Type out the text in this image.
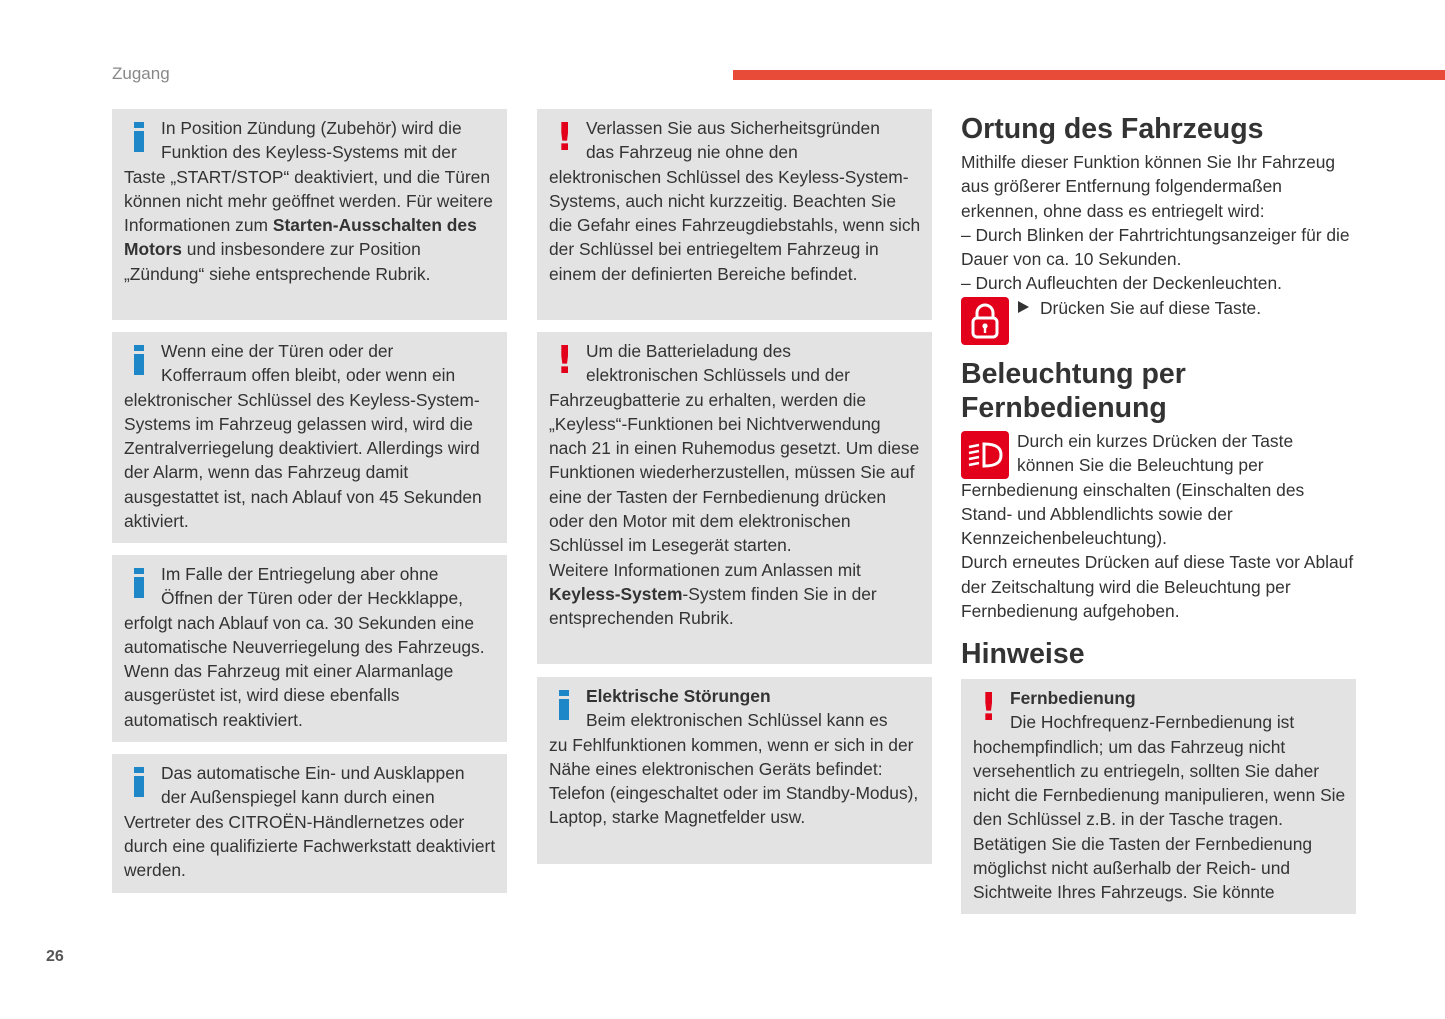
Zugang
In Position Zündung (Zubehör) wird die
Funktion des Keyless-Systems mit der

Taste „START/STOP“ deaktiviert, und die Türen können nicht mehr geöffnet werden. Für weitere Informationen zum Starten-Ausschalten des Motors und insbesondere zur Position „Zündung“ siehe entsprechende Rubrik.

Wenn eine der Türen oder der
Kofferraum offen bleibt, oder wenn ein

elektronischer Schlüssel des Keyless-System-Systems im Fahrzeug gelassen wird, wird die Zentralverriegelung deaktiviert. Allerdings wird der Alarm, wenn das Fahrzeug damit ausgestattet ist, nach Ablauf von 45 Sekunden aktiviert.

Im Falle der Entriegelung aber ohne
Öffnen der Türen oder der Heckklappe,

erfolgt nach Ablauf von ca. 30 Sekunden eine automatische Neuverriegelung des Fahrzeugs. Wenn das Fahrzeug mit einer Alarmanlage ausgerüstet ist, wird diese ebenfalls automatisch reaktiviert.

Das automatische Ein- und Ausklappen
der Außenspiegel kann durch einen

Vertreter des CITROËN-Händlernetzes oder durch eine qualifizierte Fachwerkstatt deaktiviert werden.

! Verlassen Sie aus Sicherheitsgründen
das Fahrzeug nie ohne den

elektronischen Schlüssel des Keyless-System-Systems, auch nicht kurzzeitig. Beachten Sie die Gefahr eines Fahrzeugdiebstahls, wenn sich der Schlüssel bei entriegeltem Fahrzeug in einem der definierten Bereiche befindet.

! Um die Batterieladung des
elektronischen Schlüssels und der

Fahrzeugbatterie zu erhalten, werden die „Keyless“-Funktionen bei Nichtverwendung nach 21 in einen Ruhemodus gesetzt. Um diese Funktionen wiederherzustellen, müssen Sie auf eine der Tasten der Fernbedienung drücken oder den Motor mit dem elektronischen Schlüssel im Lesegerät starten.

Weitere Informationen zum Anlassen mit Keyless-System-System finden Sie in der entsprechenden Rubrik.

Elektrische Störungen
Beim elektronischen Schlüssel kann es

zu Fehlfunktionen kommen, wenn er sich in der Nähe eines elektronischen Geräts befindet: Telefon (eingeschaltet oder im Standby-Modus), Laptop, starke Magnetfelder usw.

Ortung des Fahrzeugs

Mithilfe dieser Funktion können Sie Ihr Fahrzeug aus größerer Entfernung folgendermaßen erkennen, ohne dass es entriegelt wird:

– Durch Blinken der Fahrtrichtungsanzeiger für die Dauer von ca. 10 Sekunden.

– Durch Aufleuchten der Deckenleuchten.

Drücken Sie auf diese Taste.
Beleuchtung per
Fernbedienung
Durch ein kurzes Drücken der Taste
können Sie die Beleuchtung per

Fernbedienung einschalten (Einschalten des Stand- und Abblendlichts sowie der Kennzeichenbeleuchtung).

Durch erneutes Drücken auf diese Taste vor Ablauf der Zeitschaltung wird die Beleuchtung per Fernbedienung aufgehoben.

Hinweise
! Fernbedienung
Die Hochfrequenz-Fernbedienung ist

hochempfindlich; um das Fahrzeug nicht versehentlich zu entriegeln, sollten Sie daher nicht die Fernbedienung manipulieren, wenn Sie den Schlüssel z.B. in der Tasche tragen. Betätigen Sie die Tasten der Fernbedienung möglichst nicht außerhalb der Reich- und Sichtweite Ihres Fahrzeugs. Sie könnte

26
